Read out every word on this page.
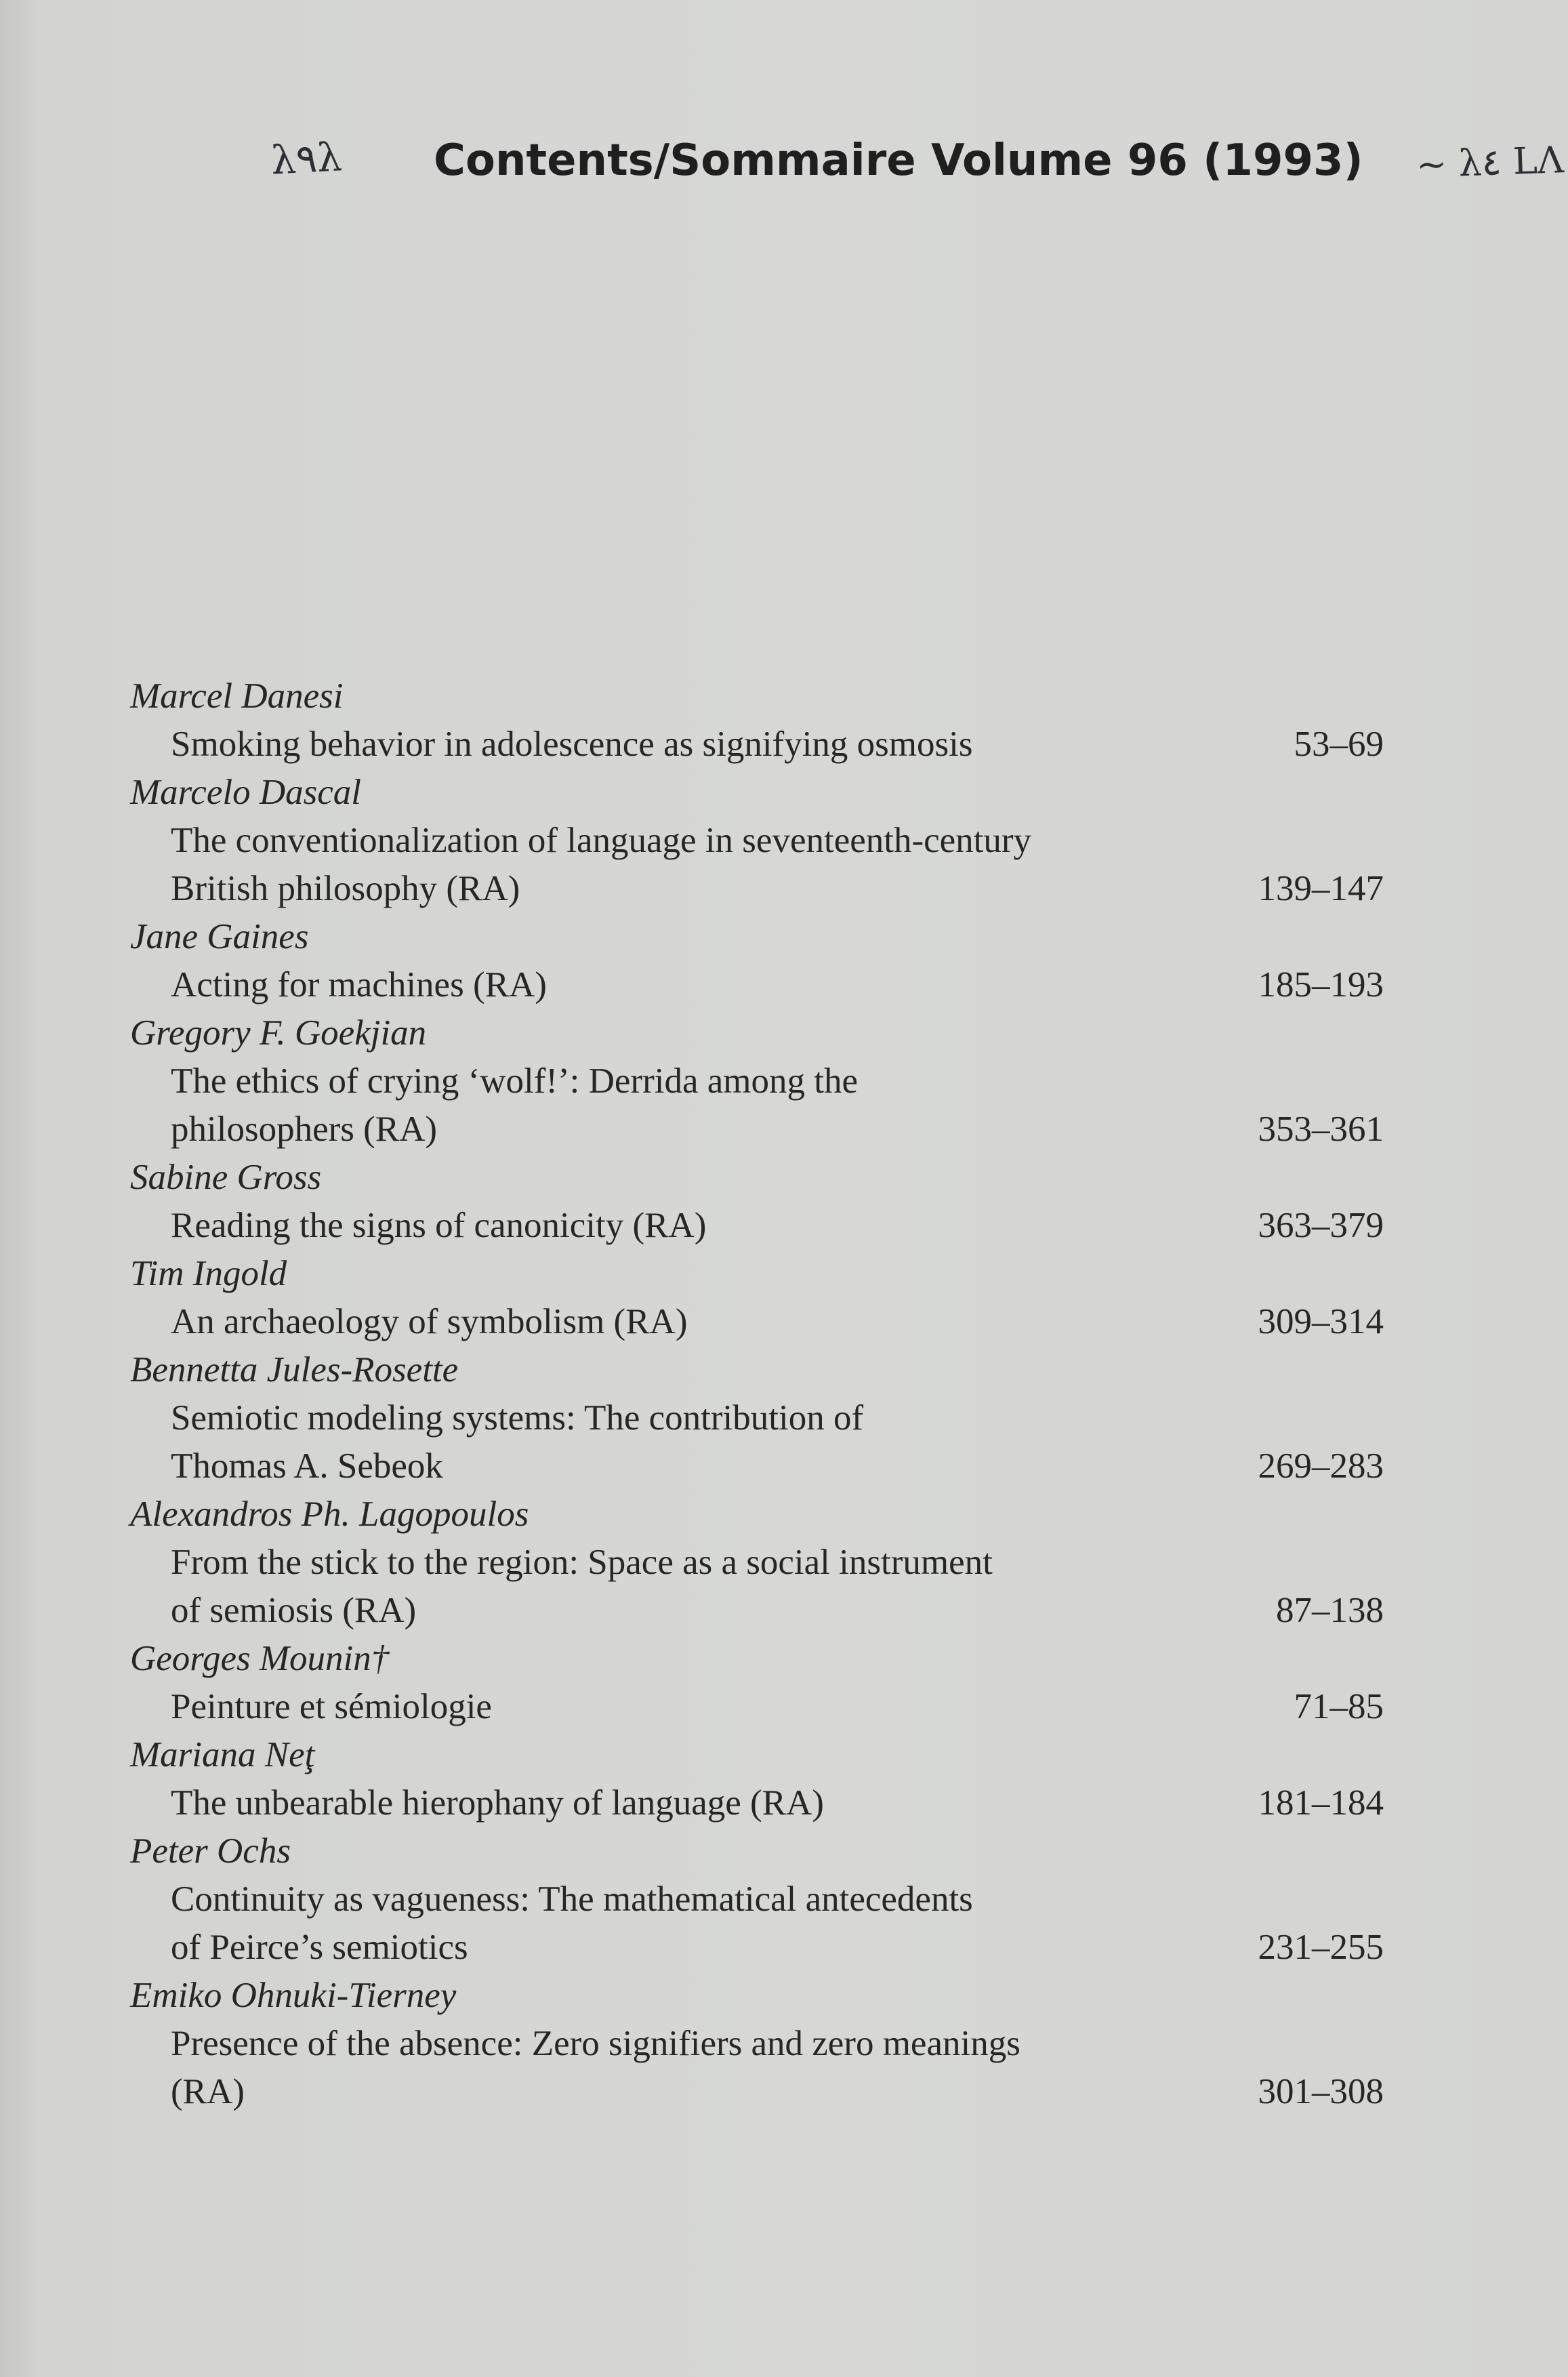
λ٩λ Contents/Sommaire Volume 96 (1993) ~ λ٤ LΛ
Marcel Danesi
Smoking behavior in adolescence as signifying osmosis	53–69
Marcelo Dascal
The conventionalization of language in seventeenth-century
British philosophy (RA)	139–147
Jane Gaines
Acting for machines (RA)	185–193
Gregory F. Goekjian
The ethics of crying ‘wolf!’: Derrida among the
philosophers (RA)	353–361
Sabine Gross
Reading the signs of canonicity (RA)	363–379
Tim Ingold
An archaeology of symbolism (RA)	309–314
Bennetta Jules-Rosette
Semiotic modeling systems: The contribution of
Thomas A. Sebeok	269–283
Alexandros Ph. Lagopoulos
From the stick to the region: Space as a social instrument
of semiosis (RA)	87–138
Georges Mounin†
Peinture et sémiologie	71–85
Mariana Neţ
The unbearable hierophany of language (RA)	181–184
Peter Ochs
Continuity as vagueness: The mathematical antecedents
of Peirce’s semiotics	231–255
Emiko Ohnuki-Tierney
Presence of the absence: Zero signifiers and zero meanings
(RA)	301–308
